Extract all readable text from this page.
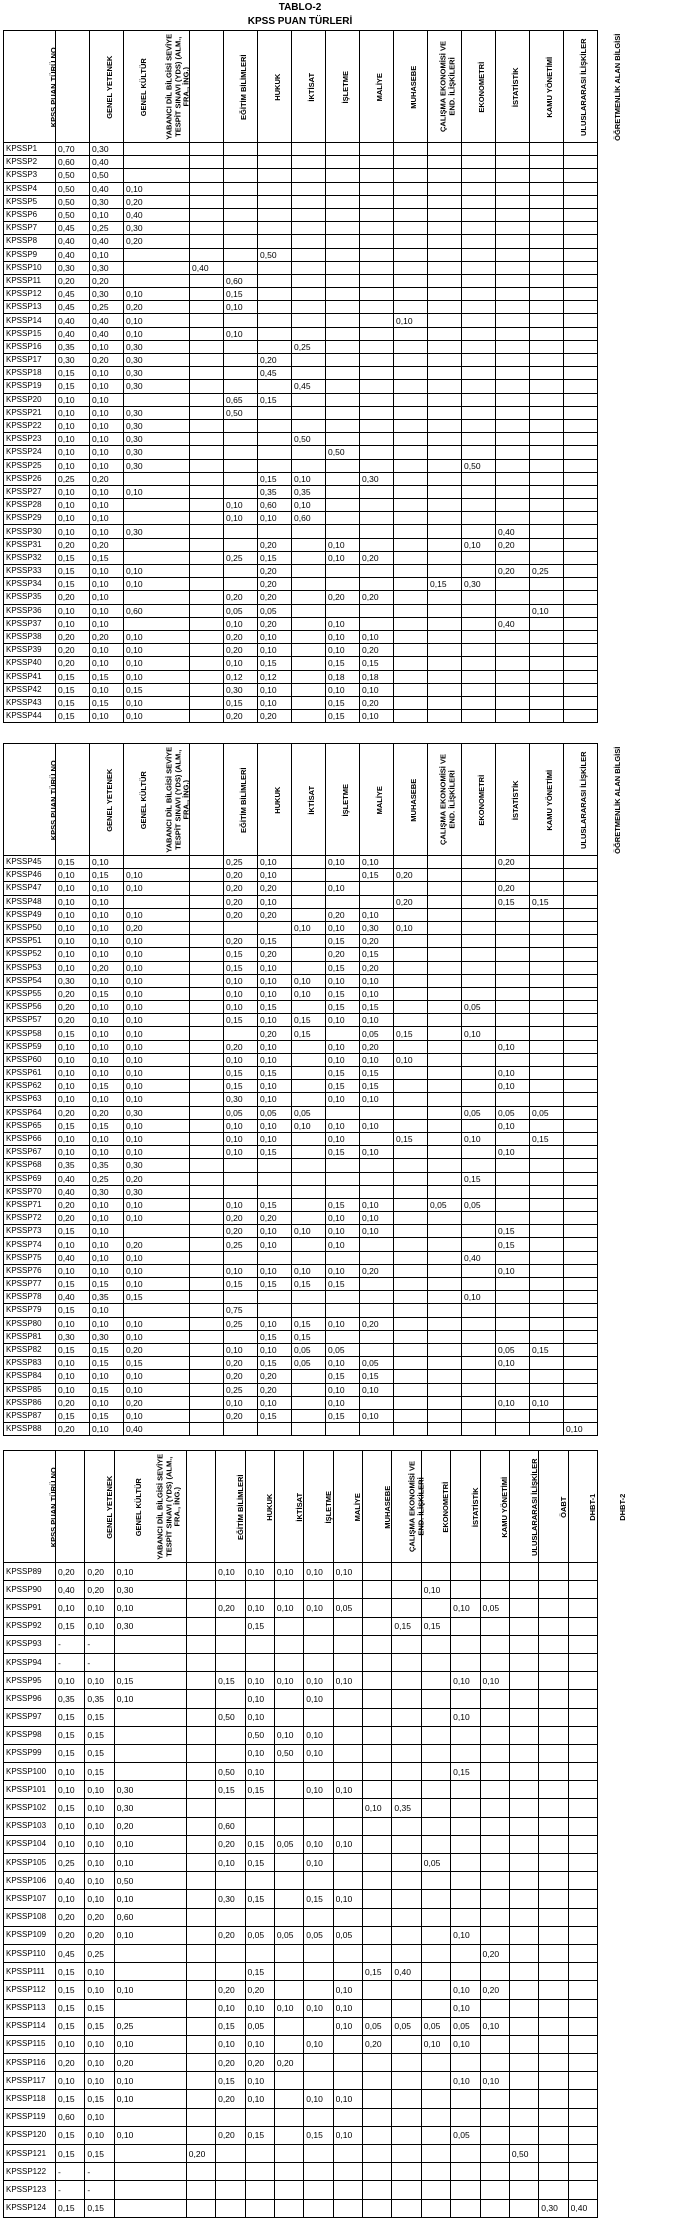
TABLO-2
KPSS PUAN TÜRLERİ
KPSS PUAN TÜRÜ NO	GENEL YETENEK	GENEL KÜLTÜR	YABANCI DİL BİLGİSİ SEVİYE TESPİT SINAVI (YDS) (ALM., FRA., İNG.)	EĞİTİM BİLİMLERİ	HUKUK	İKTİSAT	İŞLETME	MALİYE	MUHASEBE	ÇALIŞMA EKONOMİSİ VE END. İLİŞKİLERİ	EKONOMETRİ	İSTATİSTİK	KAMU YÖNETİMİ	ULUSLARARASI İLİŞKİLER	ÖĞRETMENLİK ALAN BİLGİSİ
KPSSP1	0,70	0,30													
KPSSP2	0,60	0,40													
KPSSP3	0,50	0,50													
KPSSP4	0,50	0,40	0,10												
KPSSP5	0,50	0,30	0,20												
KPSSP6	0,50	0,10	0,40												
KPSSP7	0,45	0,25	0,30												
KPSSP8	0,40	0,40	0,20												
KPSSP9	0,40	0,10				0,50									
KPSSP10	0,30	0,30		0,40											
KPSSP11	0,20	0,20			0,60										
KPSSP12	0,45	0,30	0,10		0,15										
KPSSP13	0,45	0,25	0,20		0,10										
KPSSP14	0,40	0,40	0,10							0,10					
KPSSP15	0,40	0,40	0,10		0,10										
KPSSP16	0,35	0,10	0,30				0,25								
KPSSP17	0,30	0,20	0,30			0,20									
KPSSP18	0,15	0,10	0,30			0,45									
KPSSP19	0,15	0,10	0,30				0,45								
KPSSP20	0,10	0,10			0,65	0,15									
KPSSP21	0,10	0,10	0,30		0,50										
KPSSP22	0,10	0,10	0,30												
KPSSP23	0,10	0,10	0,30				0,50								
KPSSP24	0,10	0,10	0,30					0,50							
KPSSP25	0,10	0,10	0,30									0,50			
KPSSP26	0,25	0,20				0,15	0,10		0,30						
KPSSP27	0,10	0,10	0,10			0,35	0,35								
KPSSP28	0,10	0,10			0,10	0,60	0,10								
KPSSP29	0,10	0,10			0,10	0,10	0,60								
KPSSP30	0,10	0,10	0,30										0,40		
KPSSP31	0,20	0,20				0,20		0,10				0,10	0,20		
KPSSP32	0,15	0,15			0,25	0,15		0,10	0,20						
KPSSP33	0,15	0,10	0,10			0,20							0,20	0,25	
KPSSP34	0,15	0,10	0,10			0,20					0,15	0,30			
KPSSP35	0,20	0,10			0,20	0,20		0,20	0,20						
KPSSP36	0,10	0,10	0,60		0,05	0,05								0,10	
KPSSP37	0,10	0,10			0,10	0,20		0,10					0,40		
KPSSP38	0,20	0,20	0,10		0,20	0,10		0,10	0,10						
KPSSP39	0,20	0,10	0,10		0,20	0,10		0,10	0,20						
KPSSP40	0,20	0,10	0,10		0,10	0,15		0,15	0,15						
KPSSP41	0,15	0,15	0,10		0,12	0,12		0,18	0,18						
KPSSP42	0,15	0,10	0,15		0,30	0,10		0,10	0,10						
KPSSP43	0,15	0,15	0,10		0,15	0,10		0,15	0,20						
KPSSP44	0,15	0,10	0,10		0,20	0,20		0,15	0,10						
KPSS PUAN TÜRÜ NO	GENEL YETENEK	GENEL KÜLTÜR	YABANCI DİL BİLGİSİ SEVİYE TESPİT SINAVI (YDS) (ALM., FRA., İNG.)	EĞİTİM BİLİMLERİ	HUKUK	İKTİSAT	İŞLETME	MALİYE	MUHASEBE	ÇALIŞMA EKONOMİSİ VE END. İLİŞKİLERİ	EKONOMETRİ	İSTATİSTİK	KAMU YÖNETİMİ	ULUSLARARASI İLİŞKİLER	ÖĞRETMENLİK ALAN BİLGİSİ
KPSSP45	0,15	0,10			0,25	0,10		0,10	0,10				0,20		
KPSSP46	0,10	0,15	0,10		0,20	0,10			0,15	0,20					
KPSSP47	0,10	0,10	0,10		0,20	0,20		0,10					0,20		
KPSSP48	0,10	0,10			0,20	0,10				0,20			0,15	0,15	
KPSSP49	0,10	0,10	0,10		0,20	0,20		0,20	0,10						
KPSSP50	0,10	0,10	0,20				0,10	0,10	0,30	0,10					
KPSSP51	0,10	0,10	0,10		0,20	0,15		0,15	0,20						
KPSSP52	0,10	0,10	0,10		0,15	0,20		0,20	0,15						
KPSSP53	0,10	0,20	0,10		0,15	0,10		0,15	0,20						
KPSSP54	0,30	0,10	0,10		0,10	0,10	0,10	0,10	0,10						
KPSSP55	0,20	0,15	0,10		0,10	0,10	0,10	0,15	0,10						
KPSSP56	0,20	0,10	0,10		0,10	0,15		0,15	0,15			0,05			
KPSSP57	0,20	0,10	0,10		0,15	0,10	0,15	0,10	0,10						
KPSSP58	0,15	0,10	0,10			0,20	0,15		0,05	0,15		0,10			
KPSSP59	0,10	0,10	0,10		0,20	0,10		0,10	0,20				0,10		
KPSSP60	0,10	0,10	0,10		0,10	0,10		0,10	0,10	0,10					
KPSSP61	0,10	0,10	0,10		0,15	0,15		0,15	0,15				0,10		
KPSSP62	0,10	0,15	0,10		0,15	0,10		0,15	0,15				0,10		
KPSSP63	0,10	0,10	0,10		0,30	0,10		0,10	0,10						
KPSSP64	0,20	0,20	0,30		0,05	0,05	0,05					0,05	0,05	0,05	
KPSSP65	0,15	0,15	0,10		0,10	0,10	0,10	0,10	0,10				0,10		
KPSSP66	0,10	0,10	0,10		0,10	0,10		0,10		0,15		0,10		0,15	
KPSSP67	0,10	0,10	0,10		0,10	0,15		0,15	0,10				0,10		
KPSSP68	0,35	0,35	0,30												
KPSSP69	0,40	0,25	0,20									0,15			
KPSSP70	0,40	0,30	0,30												
KPSSP71	0,20	0,10	0,10		0,10	0,15		0,15	0,10		0,05	0,05			
KPSSP72	0,20	0,10	0,10		0,20	0,20		0,10	0,10						
KPSSP73	0,15	0,10			0,20	0,10	0,10	0,10	0,10				0,15		
KPSSP74	0,10	0,10	0,20		0,25	0,10		0,10					0,15		
KPSSP75	0,40	0,10	0,10									0,40			
KPSSP76	0,10	0,10	0,10		0,10	0,10	0,10	0,10	0,20				0,10		
KPSSP77	0,15	0,15	0,10		0,15	0,15	0,15	0,15							
KPSSP78	0,40	0,35	0,15									0,10			
KPSSP79	0,15	0,10			0,75										
KPSSP80	0,10	0,10	0,10		0,25	0,10	0,15	0,10	0,20						
KPSSP81	0,30	0,30	0,10			0,15	0,15								
KPSSP82	0,15	0,15	0,20		0,10	0,10	0,05	0,05					0,05	0,15	
KPSSP83	0,10	0,15	0,15		0,20	0,15	0,05	0,10	0,05				0,10		
KPSSP84	0,10	0,10	0,10		0,20	0,20		0,15	0,15						
KPSSP85	0,10	0,15	0,10		0,25	0,20		0,10	0,10						
KPSSP86	0,20	0,10	0,20		0,10	0,10		0,10					0,10	0,10	
KPSSP87	0,15	0,15	0,10		0,20	0,15		0,15	0,10						
KPSSP88	0,20	0,10	0,40												0,10
KPSS PUAN TÜRÜ NO	GENEL YETENEK	GENEL KÜLTÜR	YABANCI DİL BİLGİSİ SEVİYE TESPİT SINAVI (YDS) (ALM., FRA., İNG.)	EĞİTİM BİLİMLERİ	HUKUK	İKTİSAT	İŞLETME	MALİYE	MUHASEBE	ÇALIŞMA EKONOMİSİ VE END. İLİŞKİLERİ	EKONOMETRİ	İSTATİSTİK	KAMU YÖNETİMİ	ULUSLARARASI İLİŞKİLER	ÖABT	DHBT-1	DHBT-2
KPSSP89	0,20	0,20	0,10		0,10	0,10	0,10	0,10	0,10								
KPSSP90	0,40	0,20	0,30									0,10					
KPSSP91	0,10	0,10	0,10		0,20	0,10	0,10	0,10	0,05				0,10	0,05			
KPSSP92	0,15	0,10	0,30			0,15					0,15	0,15					
KPSSP93	-	-															
KPSSP94	-	-															
KPSSP95	0,10	0,10	0,15		0,15	0,10	0,10	0,10	0,10				0,10	0,10			
KPSSP96	0,35	0,35	0,10			0,10		0,10									
KPSSP97	0,15	0,15			0,50	0,10							0,10				
KPSSP98	0,15	0,15				0,50	0,10	0,10									
KPSSP99	0,15	0,15				0,10	0,50	0,10									
KPSSP100	0,10	0,15			0,50	0,10							0,15				
KPSSP101	0,10	0,10	0,30		0,15	0,15		0,10	0,10								
KPSSP102	0,15	0,10	0,30							0,10	0,35						
KPSSP103	0,10	0,10	0,20		0,60												
KPSSP104	0,10	0,10	0,10		0,20	0,15	0,05	0,10	0,10								
KPSSP105	0,25	0,10	0,10		0,10	0,15		0,10				0,05					
KPSSP106	0,40	0,10	0,50														
KPSSP107	0,10	0,10	0,10		0,30	0,15		0,15	0,10								
KPSSP108	0,20	0,20	0,60														
KPSSP109	0,20	0,20	0,10		0,20	0,05	0,05	0,05	0,05				0,10				
KPSSP110	0,45	0,25												0,20			
KPSSP111	0,15	0,10				0,15				0,15	0,40						
KPSSP112	0,15	0,10	0,10		0,20	0,20			0,10				0,10	0,20			
KPSSP113	0,15	0,15			0,10	0,10	0,10	0,10	0,10				0,10				
KPSSP114	0,15	0,15	0,25		0,15	0,05			0,10	0,05	0,05	0,05	0,05	0,10			
KPSSP115	0,10	0,10	0,10		0,10	0,10		0,10		0,20		0,10	0,10				
KPSSP116	0,20	0,10	0,20		0,20	0,20	0,20										
KPSSP117	0,10	0,10	0,10		0,15	0,10							0,10	0,10			
KPSSP118	0,15	0,15	0,10		0,20	0,10		0,10	0,10								
KPSSP119	0,60	0,10															
KPSSP120	0,15	0,10	0,10		0,20	0,15		0,15	0,10				0,05				
KPSSP121	0,15	0,15		0,20											0,50		
KPSSP122	-	-															
KPSSP123	-	-															
KPSSP124	0,15	0,15														0,30	0,40
